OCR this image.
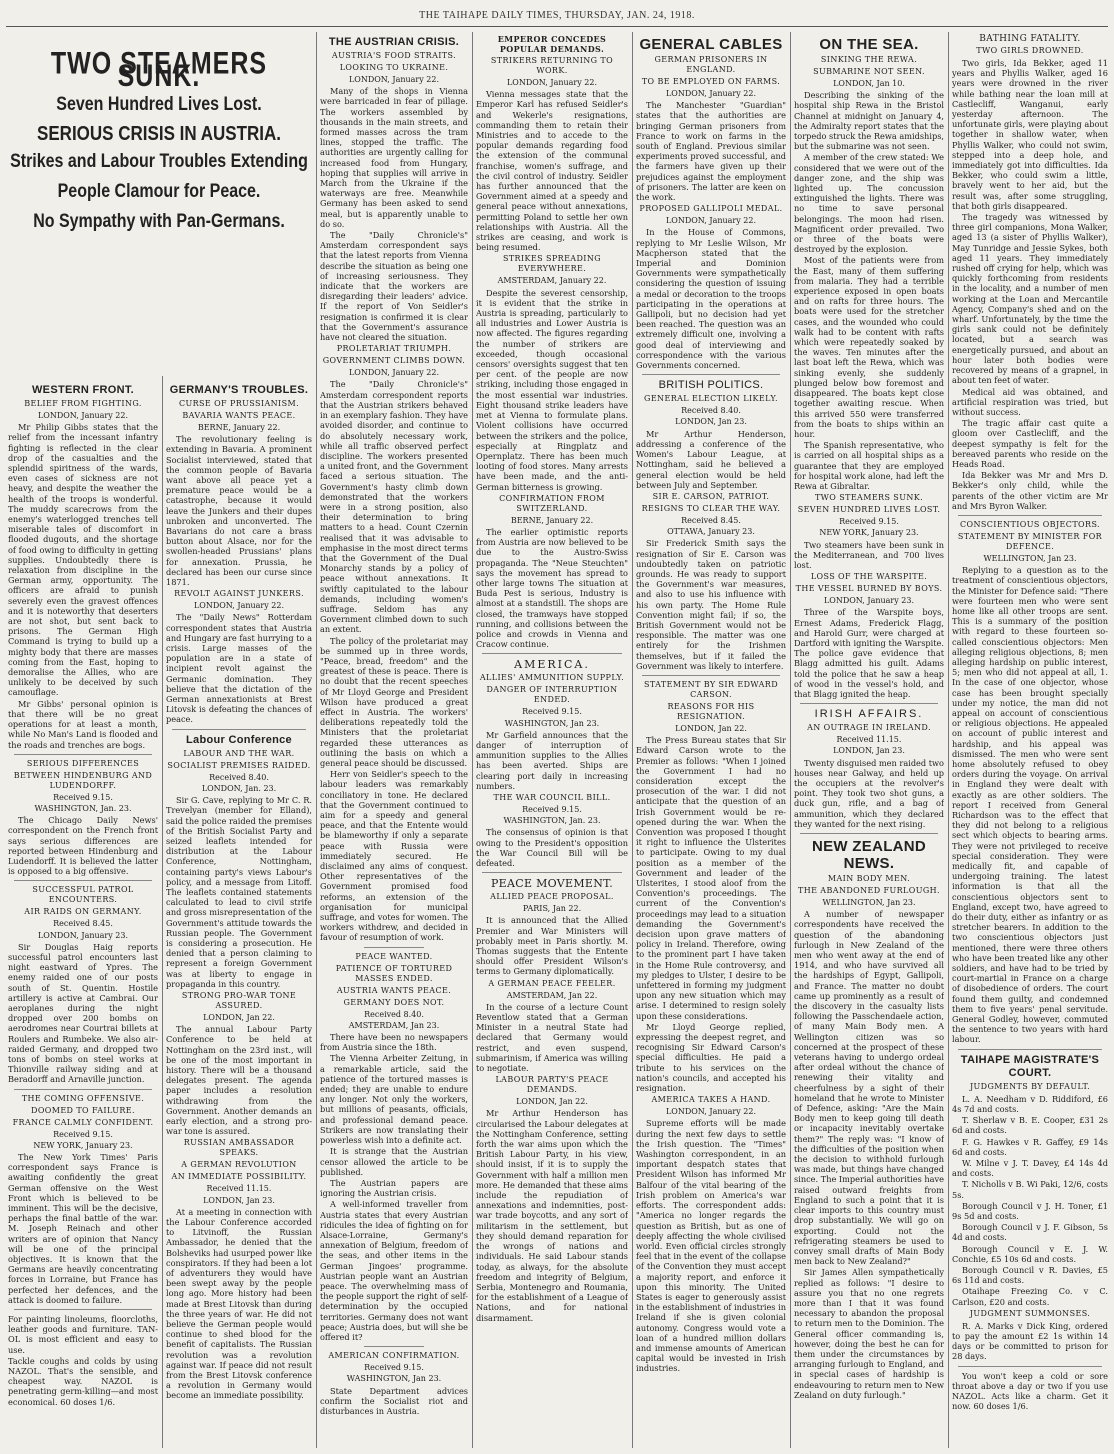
THE TAIHAPE DAILY TIMES, THURSDAY, JAN. 24, 1918.
TWO STEAMERS SUNK.
Seven Hundred Lives Lost.
SERIOUS CRISIS IN AUSTRIA.
Strikes and Labour Troubles Extending
People Clamour for Peace.
No Sympathy with Pan-Germans.
WESTERN FRONT.
BELIEF FROM FIGHTING.
LONDON, January 22.

Mr Philip Gibbs states that the relief from the incessant infantry fighting is reflected in the clear drop of the casualties and the splendid spiritness of the wards, even cases of sickness are not heavy, and despite the weather the health of the troops is wonderful. The muddy scarecrows from the enemy's waterlogged trenches tell miserable tales of discomfort in flooded dugouts, and the shortage of food owing to difficulty in getting supplies. Undoubtedly there is relaxation from discipline in the German army, opportunity. The officers are afraid to punish severely even the gravest offences and it is noteworthy that deserters are not shot, but sent back to prisons. The German High Command is trying to build up a mighty body that there are masses coming from the East, hoping to demoralise the Allies, who are unlikely to be deceived by such camouflage.

Mr Gibbs' personal opinion is that there will be no great operations for at least a month, while No Man's Land is flooded and the roads and trenches are bogs.

SERIOUS DIFFERENCES
BETWEEN HINDENBURG AND LUDENDORFF.
Received 9.15.
WASHINGTON, Jan. 23.

The Chicago Daily News' correspondent on the French front says serious differences are reported between Hindenburg and Ludendorff. It is believed the latter is opposed to a big offensive.

SUCCESSFUL PATROL ENCOUNTERS.
AIR RAIDS ON GERMANY.
Received 8.45.
LONDON, January 23.

Sir Douglas Haig reports successful patrol encounters last night eastward of Ypres. The enemy raided one of our posts south of St. Quentin. Hostile artillery is active at Cambrai. Our aeroplanes during the night dropped over 200 bombs on aerodromes near Courtrai billets at Roulers and Rumbeke. We also air-raided Germany, and dropped two tons of bombs on steel works at Thionville railway siding and at Beradorff and Arnaville junction.

THE COMING OFFENSIVE.
DOOMED TO FAILURE.
FRANCE CALMLY CONFIDENT.
Received 9.15.
NEW YORK, January 23.

The New York Times' Paris correspondent says France is awaiting confidently the great German offensive on the West Front which is believed to be imminent. This will be the decisive, perhaps the final battle of the war. M. Joseph Reinach and other writers are of opinion that Nancy will be one of the principal objectives. It is known that the Germans are heavily concentrating forces in Lorraine, but France has perfected her defences, and the attack is doomed to failure.

For painting linoleums, floorcloths, leather goods and furniture. TAN-OL is most efficient and easy to use.

Tackle coughs and colds by using NAZOL. That's the sensible, and cheapest way. NAZOL is penetrating germ-killing—and most economical. 60 doses 1/6.

GERMANY'S TROUBLES.
CURSE OF PRUSSIANISM.
BAVARIA WANTS PEACE.
BERNE, January 22.

The revolutionary feeling is extending in Bavaria. A prominent Socialist interviewed, stated that the common people of Bavaria want above all peace yet a premature peace would be a catastrophe, because it would leave the Junkers and their dupes unbroken and unconverted. The Bavarians do not care a brass button about Alsace, nor for the swollen-headed Prussians' plans for annexation. Prussia, he declared has been our curse since 1871.

REVOLT AGAINST JUNKERS.
LONDON, January 22.

The "Daily News" Rotterdam correspondent states that Austria and Hungary are fast hurrying to a crisis. Large masses of the population are in a state of incipient revolt against the Germanic domination. They believe that the dictation of the German annexationists at Brest Litovsk is defeating the chances of peace.

Labour Conference
LABOUR AND THE WAR.
SOCIALIST PREMISES RAIDED.
Received 8.40.
LONDON, Jan. 23.

Sir G. Cave, replying to Mr C. R. Trevelyan (member for Elland), said the police raided the premises of the British Socialist Party and seized leaflets intended for distribution at the Labour Conference, Nottingham, containing party's views Labour's policy, and a message from Litoff. The leaflets contained statements calculated to lead to civil strife and gross misrepresentation of the Government's attitude towards the Russian people. The Government is considering a prosecution. He denied that a person claiming to represent a foreign Government was at liberty to engage in propaganda in this country.

STRONG PRO-WAR TONE ASSURED.
LONDON, Jan 22.

The annual Labour Party Conference to be held at Nottingham on the 23rd inst., will be one of the most important in history. There will be a thousand delegates present. The agenda paper includes a resolution withdrawing from the Government. Another demands an early election, and a strong pro-war tone is assured.

RUSSIAN AMBASSADOR SPEAKS.
A GERMAN REVOLUTION
AN IMMEDIATE POSSIBILITY.
Received 11.15.
LONDON, Jan 23.

At a meeting in connection with the Labour Conference accorded to Litvinoff, the Russian Ambassador, he denied that the Bolsheviks had usurped power like conspirators. If they had been a lot of adventurers they would have been swept away by the people long ago. More history had been made at Brest Litovsk than during the three years of war. He did not believe the German people would continue to shed blood for the benefit of capitalists. The Russian revolution was a revolution against war. If peace did not result from the Brest Litovsk conference a revolution in Germany would become an immediate possibility.

THE AUSTRIAN CRISIS.
AUSTRIA'S FOOD STRAITS.
LOOKING TO UKRAINE.
LONDON, January 22.

Many of the shops in Vienna were barricaded in fear of pillage. The workers assembled by thousands in the main streets, and formed masses across the tram lines, stopped the traffic. The authorities are urgently calling for increased food from Hungary, hoping that supplies will arrive in March from the Ukraine if the waterways are free. Meanwhile Germany has been asked to send meal, but is apparently unable to do so.

The "Daily Chronicle's" Amsterdam correspondent says that the latest reports from Vienna describe the situation as being one of increasing seriousness. They indicate that the workers are disregarding their leaders' advice. If the report of Von Seidler's resignation is confirmed it is clear that the Government's assurance have not cleared the situation.

PROLETARIAT TRIUMPH.
GOVERNMENT CLIMBS DOWN.
LONDON, January 22.

The "Daily Chronicle's" Amsterdam correspondent reports that the Austrian strikers behaved in an exemplary fashion. They have avoided disorder, and continue to do absolutely necessary work, while all traffic observed perfect discipline. The workers presented a united front, and the Government faced a serious situation. The Government's hasty climb down demonstrated that the workers were in a strong position, also their determination to bring matters to a head. Count Czernin realised that it was advisable to emphasise in the most direct terms that the Government of the Dual Monarchy stands by a policy of peace without annexations. It swiftly capitulated to the labour demands, including women's suffrage. Seldom has any Government climbed down to such an extent.

The policy of the proletariat may be summed up in three words, "Peace, bread, freedom" and the greatest of these is peace. There is no doubt that the recent speeches of Mr Lloyd George and President Wilson have produced a great effect in Austria. The workers' deliberations repeatedly told the Ministers that the proletariat regarded these utterances as outlining the basis on which a general peace should be discussed.

Herr von Seidler's speech to the labour leaders was remarkably conciliatory in tone. He declared that the Government continued to aim for a speedy and general peace, and that the Entente would be blameworthy if only a separate peace with Russia were immediately secured. He disclaimed any aims of conquest. Other representatives of the Government promised food reforms, an extension of the organisation for municipal suffrage, and votes for women. The workers withdrew, and decided in favour of resumption of work.

PEACE WANTED.
PATIENCE OF TORTURED MASSES ENDED.
AUSTRIA WANTS PEACE.
GERMANY DOES NOT.
Received 8.40.
AMSTERDAM, Jan 23.

There have been no newspapers from Austria since the 18th.

The Vienna Arbeiter Zeitung, in a remarkable article, said the patience of the tortured masses is ended; they are unable to endure any longer. Not only the workers, but millions of peasants, officials, and professional demand peace. Strikers are now translating their powerless wish into a definite act.

It is strange that the Austrian censor allowed the article to be published.

The Austrian papers are ignoring the Austrian crisis.

A well-informed traveller from Austria states that every Austrian ridicules the idea of fighting on for Alsace-Lorraine, Germany's annexation of Belgium, freedom of the seas, and other items in the German Jingoes' programme. Austrian people want an Austrian peace. The overwhelming mass of the people support the right of self-determination by the occupied territories. Germany does not want peace; Austria does, but will she be offered it?

AMERICAN CONFIRMATION.
Received 9.15.
WASHINGTON, Jan 23.

State Department advices confirm the Socialist riot and disturbances in Austria.

EMPEROR CONCEDES POPULAR DEMANDS.
STRIKERS RETURNING TO WORK.
LONDON, January 22.

Vienna messages state that the Emperor Karl has refused Seidler's and Wekerle's resignations, commanding them to retain their Ministries and to accede to the popular demands regarding food the extension of the communal franchise, women's suffrage, and the civil control of industry. Seidler has further announced that the Government aimed at a speedy and general peace without annexations, permitting Poland to settle her own relationships with Austria. All the strikes are ceasing, and work is being resumed.

STRIKES SPREADING EVERYWHERE.
AMSTERDAM, January 22.

Despite the severest censorship, it is evident that the strike in Austria is spreading, particularly to all industries and Lower Austria is now affected. The figures regarding the number of strikers are exceeded, though occasional censors' oversights suggest that ten per cent. of the people are now striking, including those engaged in the most essential war industries. Eight thousand strike leaders have met at Vienna to formulate plans. Violent collisions have occurred between the strikers and the police, especially at Ringplatz and Opernplatz. There has been much looting of food stores. Many arrests have been made, and the anti-German bitterness is growing.

CONFIRMATION FROM SWITZERLAND.
BERNE, January 22.

The earlier optimistic reports from Austria are now believed to be due to the Austro-Swiss propaganda. The "Neue Steuchten" says the movement has spread to other large towns The situation at Buda Pest is serious, Industry is almost at a standstill. The shops are closed, the tramways have stopped running, and collisions between the police and crowds in Vienna and Cracow continue.

AMERICA.
ALLIES' AMMUNITION SUPPLY.
DANGER OF INTERRUPTION ENDED.
Received 9.15.
WASHINGTON, Jan 23.

Mr Garfield announces that the danger of interruption of ammunition supplies to the Allies has been averted. Ships are clearing port daily in increasing numbers.

THE WAR COUNCIL BILL.
Received 9.15.
WASHINGTON, Jan. 23.

The consensus of opinion is that owing to the President's opposition the War Council Bill will be defeated.

PEACE MOVEMENT.
ALLIED PEACE PROPOSAL.
PARIS, Jan 22.

It is announced that the Allied Premier and War Ministers will probably meet in Paris shortly. M. Thomas suggests that the Entente should offer President Wilson's terms to Germany diplomatically.

A GERMAN PEACE FEELER.
AMSTERDAM, Jan 22.

In the course of a lecture Count Reventlow stated that a German Minister in a neutral State had declared that Germany would restrict, and even suspend, submarinism, if America was willing to negotiate.

LABOUR PARTY'S PEACE DEMANDS.
LONDON, Jan 22.

Mr Arthur Henderson has circularised the Labour delegates at the Nottingham Conference, setting forth the war aims upon which the British Labour Party, in his view, should insist, if it is to supply the Government with half a million men more. He demanded that these aims include the repudiation of annexations and indemnities, post-war trade boycotts, and any sort of militarism in the settlement, but they should demand reparation for the wrongs of nations and individuals. He said Labour stands today, as always, for the absolute freedom and integrity of Belgium, Serbia, Montenegro and Roumania, for the establishment of a League of Nations, and for national disarmament.

GENERAL CABLES
GERMAN PRISONERS IN ENGLAND.
TO BE EMPLOYED ON FARMS.
LONDON, January 22.

The Manchester "Guardian" states that the authorities are bringing German prisoners from France to work on farms in the south of England. Previous similar experiments proved successful, and the farmers have given up their prejudices against the employment of prisoners. The latter are keen on the work.

PROPOSED GALLIPOLI MEDAL.
LONDON, January 22.

In the House of Commons, replying to Mr Leslie Wilson, Mr Macpherson stated that the Imperial and Dominion Governments were sympathetically considering the question of issuing a medal or decoration to the troops participating in the operations at Gallipoli, but no decision had yet been reached. The question was an extremely difficult one, involving a good deal of interviewing and correspondence with the various Governments concerned.

BRITISH POLITICS.
GENERAL ELECTION LIKELY.
Received 8.40.
LONDON, Jan 23.

Mr Arthur Henderson, addressing a conference of the Women's Labour League, at Nottingham, said he believed a general election would be held between July and September.

SIR E. CARSON, PATRIOT.
RESIGNS TO CLEAR THE WAY.
Received 8.45.
OTTAWA, January 23.

Sir Frederick Smith says the resignation of Sir E. Carson was undoubtedly taken on patriotic grounds. He was ready to support the Government's war measures, and also to use his influence with his own party. The Home Rule Convention might fail; if so, the British Government would not be responsible. The matter was one entirely for the Irishmen themselves, but if it failed the Government was likely to interfere.

STATEMENT BY SIR EDWARD CARSON.
REASONS FOR HIS RESIGNATION.
LONDON, Jan 22.

The Press Bureau states that Sir Edward Carson wrote to the Premier as follows: "When I joined the Government I had no consideration except the prosecution of the war. I did not anticipate that the question of an Irish Government would be re-opened during the war. When the Convention was proposed I thought it right to influence the Ulsterites to participate. Owing to my dual position as a member of the Government and leader of the Ulsterites, I stood aloof from the Convention's proceedings. The current of the Convention's proceedings may lead to a situation demanding the Government's decision upon grave matters of policy in Ireland. Therefore, owing to the prominent part I have taken in the Home Rule controversy, and my pledges to Ulster, I desire to be unfettered in forming my judgment upon any new situation which may arise. I determined to resign solely upon these considerations.

Mr Lloyd George replied, expressing the deepest regret, and recognising Sir Edward Carson's special difficulties. He paid a tribute to his services on the nation's councils, and accepted his resignation.

AMERICA TAKES A HAND.
LONDON, January 22.

Supreme efforts will be made during the next few days to settle the Irish question. The "Times" Washington correspondent, in an important despatch states that President Wilson has informed Mr Balfour of the vital bearing of the Irish problem on America's war efforts. The correspondent adds: "America no longer regards the question as British, but as one of deeply affecting the whole civilised world. Even official circles strongly feel that in the event of the collapse of the Convention they must accept a majority report, and enforce it upon this minority. The United States is eager to generously assist in the establishment of industries in Ireland if she is given colonial autonomy. Congress would vote a loan of a hundred million dollars and immense amounts of American capital would be invested in Irish industries.

ON THE SEA.
SINKING THE REWA.
SUBMARINE NOT SEEN.
LONDON, Jan 10.

Describing the sinking of the hospital ship Rewa in the Bristol Channel at midnight on January 4, the Admiralty report states that the torpedo struck the Rewa amidships, but the submarine was not seen.

A member of the crew stated: We considered that we were out of the danger zone, and the ship was lighted up. The concussion extinguished the lights. There was no time to save personal belongings. The moon had risen. Magnificent order prevailed. Two or three of the boats were destroyed by the explosion.

Most of the patients were from the East, many of them suffering from malaria. They had a terrible experience exposed in open boats and on rafts for three hours. The boats were used for the stretcher cases, and the wounded who could walk had to be content with rafts which were repeatedly soaked by the waves. Ten minutes after the last boat left the Rewa, which was sinking evenly, she suddenly plunged below bow foremost and disappeared. The boats kept close together awaiting rescue. When this arrived 550 were transferred from the boats to ships within an hour.

The Spanish representative, who is carried on all hospital ships as a guarantee that they are employed for hospital work alone, had left the Rewa at Gibraltar.

TWO STEAMERS SUNK.
SEVEN HUNDRED LIVES LOST.
Received 9.15.
NEW YORK, January 23.

Two steamers have been sunk in the Mediterranean, and 700 lives lost.

LOSS OF THE WARSPITE.
THE VESSEL BURNED BY BOYS.
LONDON, January 23.

Three of the Warspite boys, Ernest Adams, Frederick Flagg, and Harold Gurr, were charged at Dartford with igniting the Warspite. The police gave evidence that Blagg admitted his guilt. Adams told the police that he saw a heap of wood in the vessel's hold, and that Blagg ignited the heap.

IRISH AFFAIRS.
AN OUTRAGE IN IRELAND.
Received 11.15.
LONDON, Jan 23.

Twenty disguised men raided two houses near Galway, and held up the occupiers at the revolver's point. They took two shot guns, a duck gun, rifle, and a bag of ammunition, which they declared they wanted for the next rising.

NEW ZEALAND NEWS.
MAIN BODY MEN.
THE ABANDONED FURLOUGH.
WELLINGTON, Jan 23.

A number of newspaper correspondents have received the question of the abandoning furlough in New Zealand of the men who went away at the end of 1914, and who have survived all the hardships of Egypt, Gallipoli, and France. The matter no doubt came up prominently as a result of the discovery in the casualty lists following the Passchendaele action, of many Main Body men. A Wellington citizen was so concerned at the prospect of these veterans having to undergo ordeal after ordeal without the chance of renewing their vitality and cheerfulness by a sight of their homeland that he wrote to Minister of Defence, asking: "Are the Main Body men to keep going till death or incapacity inevitably overtake them?" The reply was: "I know of the difficulties of the position when the decision to withhold furlough was made, but things have changed since. The Imperial authorities have raised outward freights from England to such a point that it is clear imports to this country must drop substantially. We will go on exporting. Could not the refrigerating steamers be used to convey small drafts of Main Body men back to New Zealand?"

Sir James Allen sympathetically replied as follows: "I desire to assure you that no one regrets more than I that it was found necessary to abandon the proposal to return men to the Dominion. The General officer commanding is, however, doing the best he can for them under the circumstances by arranging furlough to England, and in special cases of hardship is endeavouring to return men to New Zealand on duty furlough."

BATHING FATALITY.
TWO GIRLS DROWNED.

Two girls, Ida Bekker, aged 11 years and Phyllis Walker, aged 16 years were drowned in the river while bathing near the loan mill at Castlecliff, Wanganui, early yesterday afternoon. The unfortunate girls, were playing about together in shallow water, when Phyllis Walker, who could not swim, stepped into a deep hole, and immediately got into difficulties. Ida Bekker, who could swim a little, bravely went to her aid, but the result was, after some struggling, that both girls disappeared.

The tragedy was witnessed by three girl companions, Mona Walker, aged 13 (a sister of Phyllis Walker), May Tunridge and Jessie Sykes, both aged 11 years. They immediately rushed off crying for help, which was quickly forthcoming from residents in the locality, and a number of men working at the Loan and Mercantile Agency, Company's shed and on the wharf. Unfortunately, by the time the girls sank could not be definitely located, but a search was energetically pursued, and about an hour later both bodies were recovered by means of a grapnel, in about ten feet of water.

Medical aid was obtained, and artificial respiration was tried, but without success.

The tragic affair cast quite a gloom over Castlecliff, and the deepest sympathy is felt for the bereaved parents who reside on the Heads Road.

Ida Bekker was Mr and Mrs D. Bekker's only child, while the parents of the other victim are Mr and Mrs Byron Walker.

CONSCIENTIOUS OBJECTORS.
STATEMENT BY MINISTER FOR DEFENCE.
WELLINGTON, Jan 23.

Replying to a question as to the treatment of conscientious objectors, the Minister for Defence said: "There were fourteen men who were sent home like all other troops are sent. This is a summary of the position with regard to these fourteen so-called conscientious objectors: Men alleging religious objections, 8; men alleging hardship on public interest, 5; men who did not appeal at all, 1. In the case of one objector, whose case has been brought specially under my notice, the man did not appeal on account of conscientious or religious objections. He appealed on account of public interest and hardship, and his appeal was dismissed. The men who were sent home absolutely refused to obey orders during the voyage. On arrival in England they were dealt with exactly as are other soldiers. The report I received from General Richardson was to the effect that they did not belong to a religious sect which objects to bearing arms. They were not privileged to receive special consideration. They were medically fit, and capable of undergoing training. The latest information is that all the conscientious objectors sent to England, except two, have agreed to do their duty, either as infantry or as stretcher bearers. In addition to the two conscientious objectors just mentioned, there were three others who have been treated like any other soldiers, and have had to be tried by court-martial in France on a charge of disobedience of orders. The court found them guilty, and condemned them to five years' penal servitude. General Godley, however, commuted the sentence to two years with hard labour.

TAIHAPE MAGISTRATE'S COURT.
JUDGMENTS BY DEFAULT.

L. A. Needham v D. Riddiford, £6 4s 7d and costs.

T. Sherlaw v B. E. Cooper, £31 2s 6d and costs.

F. G. Hawkes v R. Gaffey, £9 14s 6d and costs.

W. Milne v J. T. Davey, £4 14s 4d and costs.

T. Nicholls v B. Wi Paki, 12/6, costs 5s.

Borough Council v J. H. Toner, £1 9s 5d and costs.

Borough Council v J. F. Gibson, 5s 4d and costs.

Borough Council v E. J. W. Conchie, £5 10s 6d and costs.

Borough Council v R. Davies, £5 6s 11d and costs.

Otaihape Freezing Co. v C. Carlson, £20 and costs.

JUDGMENT SUMMONSES.

R. A. Marks v Dick King, ordered to pay the amount £2 1s within 14 days or be committed to prison for 28 days.

You won't keep a cold or sore throat above a day or two if you use NAZOL. Acts like a charm. Get it now. 60 doses 1/6.
